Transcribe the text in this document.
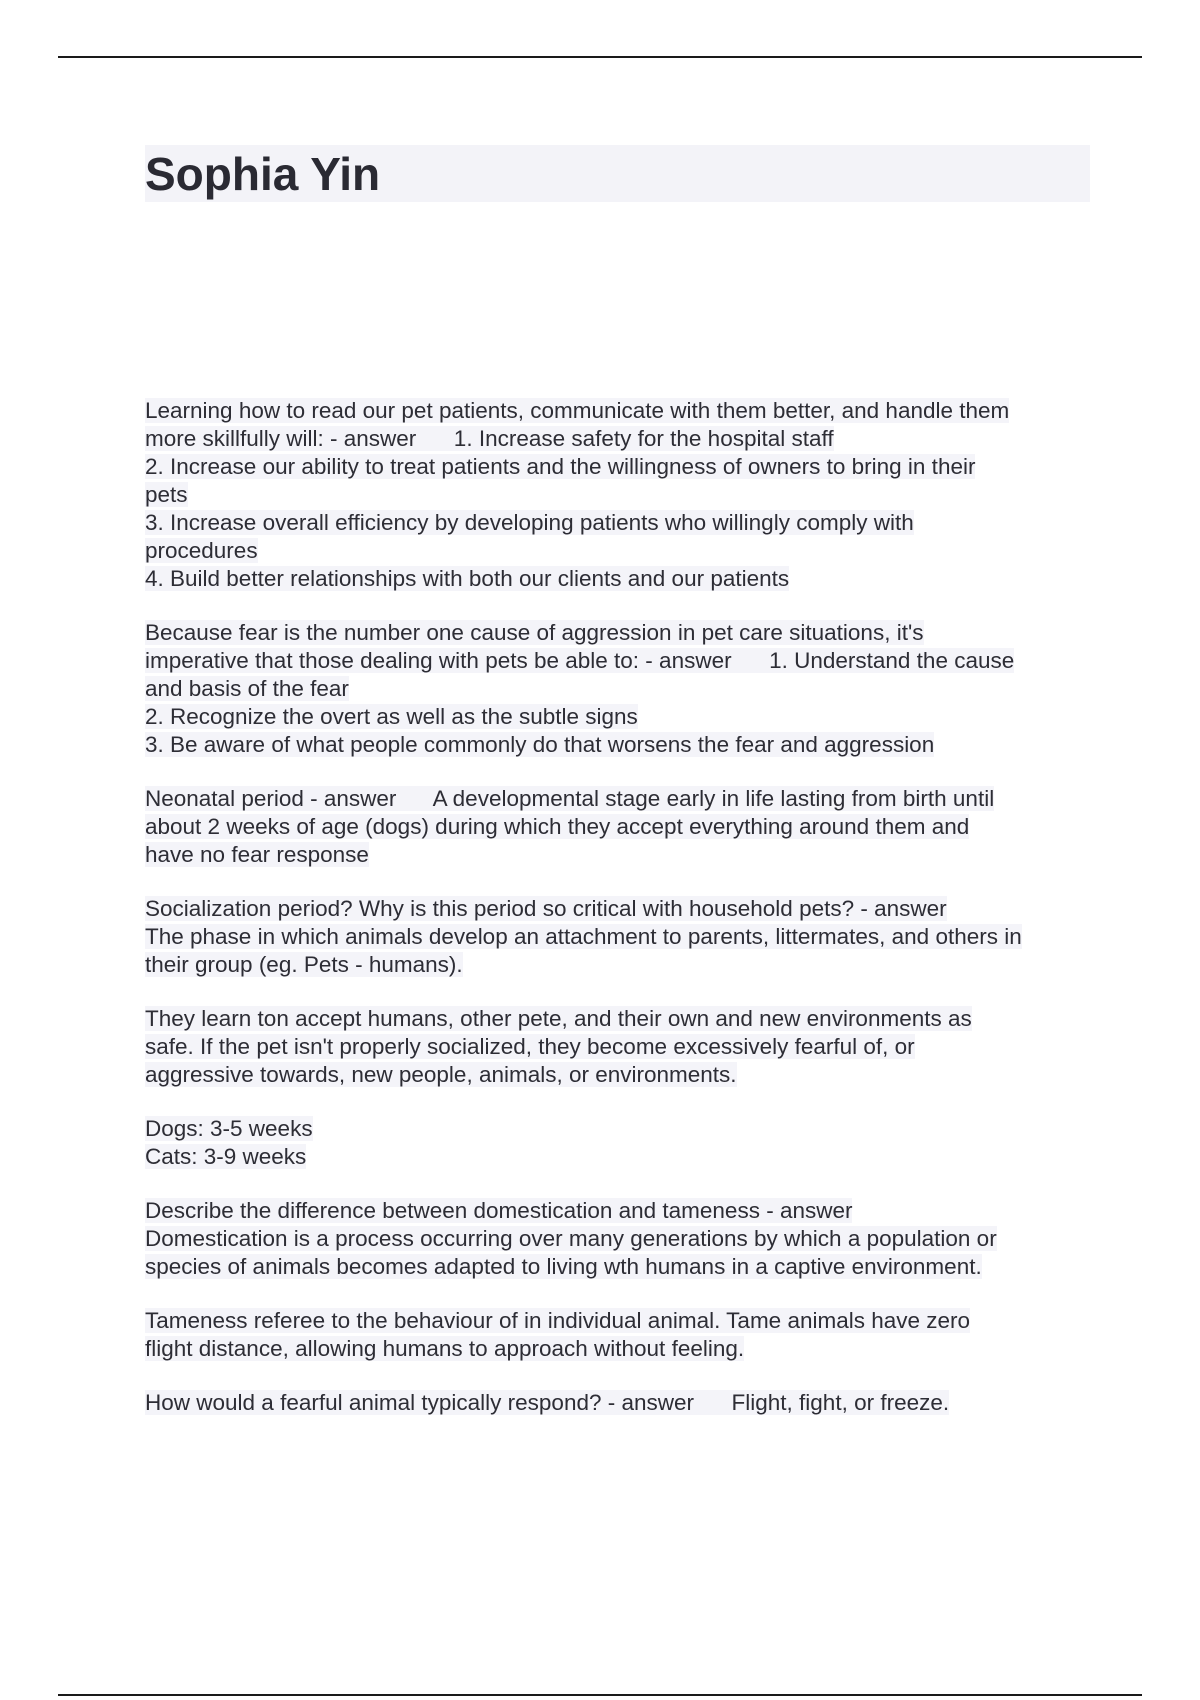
Sophia Yin
Learning how to read our pet patients, communicate with them better, and handle them
more skillfully will: - answer      1. Increase safety for the hospital staff
2. Increase our ability to treat patients and the willingness of owners to bring in their
pets
3. Increase overall efficiency by developing patients who willingly comply with
procedures
4. Build better relationships with both our clients and our patients
Because fear is the number one cause of aggression in pet care situations, it's
imperative that those dealing with pets be able to: - answer      1. Understand the cause
and basis of the fear
2. Recognize the overt as well as the subtle signs
3. Be aware of what people commonly do that worsens the fear and aggression
Neonatal period - answer      A developmental stage early in life lasting from birth until
about 2 weeks of age (dogs) during which they accept everything around them and
have no fear response
Socialization period? Why is this period so critical with household pets? - answer
The phase in which animals develop an attachment to parents, littermates, and others in
their group (eg. Pets - humans).
They learn ton accept humans, other pete, and their own and new environments as
safe. If the pet isn't properly socialized, they become excessively fearful of, or
aggressive towards, new people, animals, or environments.
Dogs: 3-5 weeks
Cats: 3-9 weeks
Describe the difference between domestication and tameness - answer
Domestication is a process occurring over many generations by which a population or
species of animals becomes adapted to living wth humans in a captive environment.
Tameness referee to the behaviour of in individual animal. Tame animals have zero
flight distance, allowing humans to approach without feeling.
How would a fearful animal typically respond? - answer      Flight, fight, or freeze.
